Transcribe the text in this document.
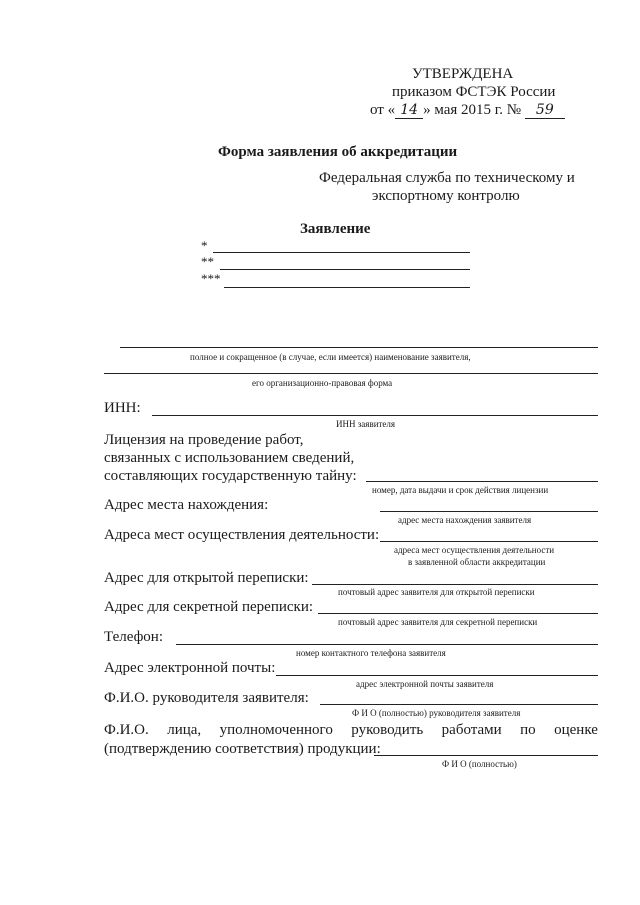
УТВЕРЖДЕНА
приказом ФСТЭК России
от « 14 » мая 2015 г. № 59
Форма заявления об аккредитации
Федеральная служба по техническому и
экспортному контролю
Заявление
*
**
***
полное и сокращенное (в случае, если имеется) наименование заявителя,
его организационно-правовая форма
ИНН:
ИНН заявителя
Лицензия на проведение работ,
связанных с использованием сведений,
составляющих государственную тайну:
номер, дата выдачи и срок действия лицензии
Адрес места нахождения:
адрес места нахождения заявителя
Адреса мест осуществления деятельности:
адреса мест осуществления деятельности
в заявленной области аккредитации
Адрес для открытой переписки:
почтовый адрес заявителя для открытой переписки
Адрес для секретной переписки:
почтовый адрес заявителя для секретной переписки
Телефон:
номер контактного телефона заявителя
Адрес электронной почты:
адрес электронной почты заявителя
Ф.И.О. руководителя заявителя:
Ф И О (полностью) руководителя заявителя
Ф.И.О. лица, уполномоченного руководить работами по оценке
(подтверждению соответствия) продукции:
Ф И О (полностью)
